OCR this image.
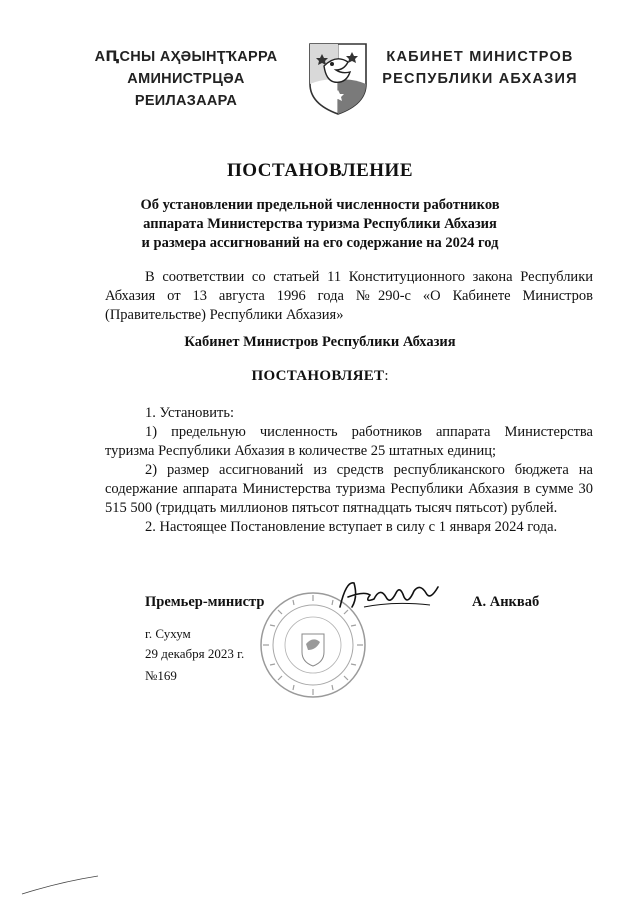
АԤСНЫ АҲӘЫНҬҠАРРА
АМИНИСТРЦӘА РЕИЛАЗААРА
КАБИНЕТ МИНИСТРОВ
РЕСПУБЛИКИ АБХАЗИЯ
ПОСТАНОВЛЕНИЕ
Об установлении предельной численности работников
аппарата Министерства туризма Республики Абхазия
и размера ассигнований на его содержание на 2024 год
В соответствии со статьей 11 Конституционного закона Республики Абхазия от 13 августа 1996 года №290-с «О Кабинете Министров (Правительстве) Республики Абхазия»
Кабинет Министров Республики Абхазия
ПОСТАНОВЛЯЕТ:
1. Установить:
1) предельную численность работников аппарата Министерства туризма Республики Абхазия в количестве 25 штатных единиц;
2) размер ассигнований из средств республиканского бюджета на содержание аппарата Министерства туризма Республики Абхазия в сумме 30 515 500 (тридцать миллионов пятьсот пятнадцать тысяч пятьсот) рублей.
2. Настоящее Постановление вступает в силу с 1 января 2024 года.
Премьер-министр	А. Анкваб
г. Сухум
29 декабря 2023 г.
№169
